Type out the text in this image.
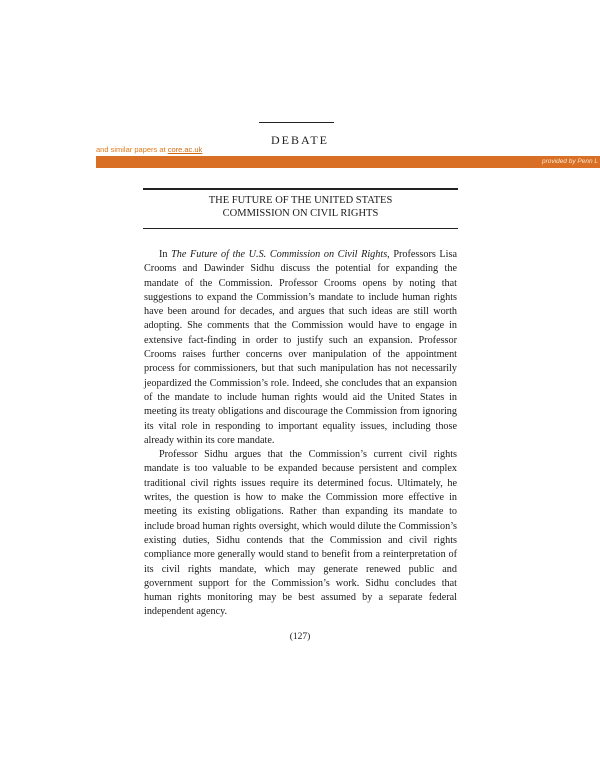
DEBATE
and similar papers at core.ac.uk
provided by Penn L
THE FUTURE OF THE UNITED STATES
COMMISSION ON CIVIL RIGHTS

In The Future of the U.S. Commission on Civil Rights, Professors Lisa Crooms and Dawinder Sidhu discuss the potential for expanding the mandate of the Commission. Professor Crooms opens by noting that suggestions to expand the Commission’s mandate to include human rights have been around for decades, and argues that such ideas are still worth adopting. She comments that the Commission would have to engage in extensive fact-finding in order to justify such an expansion. Professor Crooms raises further concerns over manipulation of the appointment process for commissioners, but that such manipulation has not necessarily jeopardized the Commission’s role. Indeed, she concludes that an expansion of the mandate to include human rights would aid the United States in meeting its treaty obligations and discourage the Commission from ignoring its vital role in responding to important equality issues, including those already within its core mandate.

Professor Sidhu argues that the Commission’s current civil rights mandate is too valuable to be expanded because persistent and complex traditional civil rights issues require its determined focus. Ultimately, he writes, the question is how to make the Commission more effective in meeting its existing obligations. Rather than expanding its mandate to include broad human rights oversight, which would dilute the Commission’s existing duties, Sidhu contends that the Commission and civil rights compliance more generally would stand to benefit from a reinterpretation of its civil rights mandate, which may generate renewed public and government support for the Commission’s work. Sidhu concludes that human rights monitoring may be best assumed by a separate federal independent agency.

(127)
